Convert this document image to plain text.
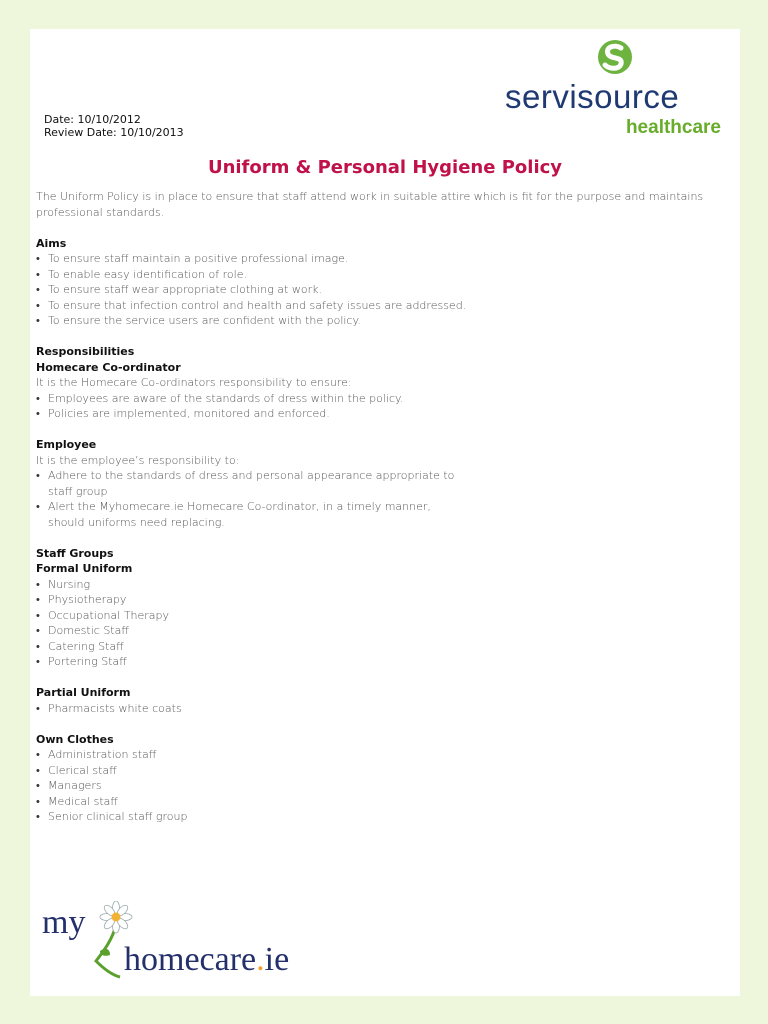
servisource
healthcare
Date: 10/10/2012
Review Date: 10/10/2013
Uniform & Personal Hygiene Policy

The Uniform Policy is in place to ensure that staff attend work in suitable attire which is fit for the purpose and maintains professional standards.

Aims

• To ensure staff maintain a positive professional image.
• To enable easy identification of role.
• To ensure staff wear appropriate clothing at work.
• To ensure that infection control and health and safety issues are addressed.
• To ensure the service users are confident with the policy.

Responsibilities

Homecare Co-ordinator

It is the Homecare Co-ordinators responsibility to ensure:

• Employees are aware of the standards of dress within the policy.
• Policies are implemented, monitored and enforced.

Employee

It is the employee’s responsibility to:

• Adhere to the standards of dress and personal appearance appropriate to staff group
• Alert the Myhomecare.ie Homecare Co-ordinator, in a timely manner, should uniforms need replacing.

Staff Groups

Formal Uniform

• Nursing
• Physiotherapy
• Occupational Therapy
• Domestic Staff
• Catering Staff
• Portering Staff

Partial Uniform

• Pharmacists white coats

Own Clothes

• Administration staff
• Clerical staff
• Managers
• Medical staff
• Senior clinical staff group
my
homecare.ie
